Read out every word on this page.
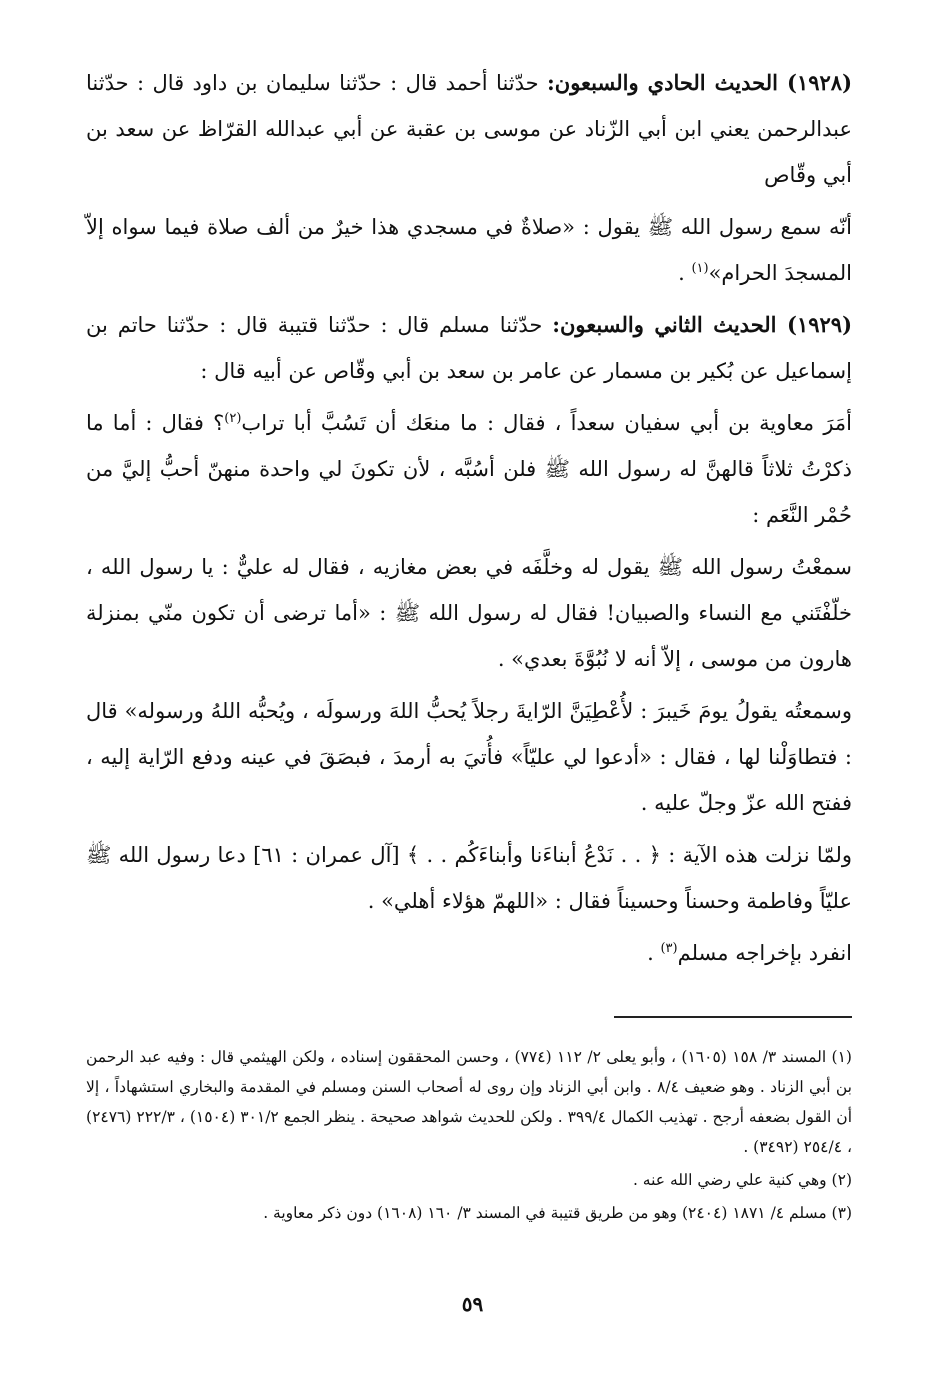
(١٩٢٨) الحديث الحادي والسبعون: حدّثنا أحمد قال : حدّثنا سليمان بن داود قال : حدّثنا عبدالرحمن يعني ابن أبي الزّناد عن موسى بن عقبة عن أبي عبدالله القرّاظ عن سعد بن أبي وقّاص

أنّه سمع رسول الله ﷺ يقول : «صلاةٌ في مسجدي هذا خيرٌ من ألف صلاة فيما سواه إلاّ المسجدَ الحرام»$^{(١)}$ .

(١٩٢٩) الحديث الثاني والسبعون: حدّثنا مسلم قال : حدّثنا قتيبة قال : حدّثنا حاتم بن إسماعيل عن بُكير بن مسمار عن عامر بن سعد بن أبي وقّاص عن أبيه قال :

أمَرَ معاوية بن أبي سفيان سعداً ، فقال : ما منعَك أن تَسُبَّ أبا تراب$^{(٢)}$؟ فقال : أما ما ذكرْتُ ثلاثاً قالهنَّ له رسول الله ﷺ فلن أسُبَّه ، لأن تكونَ لي واحدة منهنّ أحبُّ إليَّ من حُمْر النَّعَم :

سمعْتُ رسول الله ﷺ يقول له وخلَّفَه في بعض مغازيه ، فقال له عليٌّ : يا رسول الله ، خلّفْتَني مع النساء والصبيان! فقال له رسول الله ﷺ : «أما ترضى أن تكون منّي بمنزلة هارون من موسى ، إلاّ أنه لا نُبُوَّةَ بعدي» .

وسمعتُه يقولُ يومَ خَيبرَ : لأُعْطِيَنَّ الرّايةَ رجلاً يُحبُّ اللهَ ورسولَه ، ويُحبُّه اللهُ ورسوله» قال : فتطاوَلْنا لها ، فقال : «أدعوا لي عليّاً» فأُتيَ به أرمدَ ، فبصَقَ في عينه ودفع الرّاية إليه ، ففتح الله عزّ وجلّ عليه .

ولمّا نزلت هذه الآية : ﴿ . . نَدْعُ أبناءَنا وأبناءَكُم . . ﴾ [آل عمران : ٦١] دعا رسول الله ﷺ عليّاً وفاطمة وحسناً وحسيناً فقال : «اللهمّ هؤلاء أهلي» .

انفرد بإخراجه مسلم$^{(٣)}$ .

(١) المسند ٣/ ١٥٨ (١٦٠٥) ، وأبو يعلى ٢/ ١١٢ (٧٧٤) ، وحسن المحققون إسناده ، ولكن الهيثمي قال : وفيه عبد الرحمن بن أبي الزناد . وهو ضعيف ٨/٤ . وابن أبي الزناد وإن روى له أصحاب السنن ومسلم في المقدمة والبخاري استشهاداً ، إلا أن القول بضعفه أرجح . تهذيب الكمال ٣٩٩/٤ . ولكن للحديث شواهد صحيحة . ينظر الجمع ٣٠١/٢ (١٥٠٤) ، ٢٢٢/٣ (٢٤٧٦) ، ٢٥٤/٤ (٣٤٩٢) .

(٢) وهي كنية علي رضي الله عنه .

(٣) مسلم ٤/ ١٨٧١ (٢٤٠٤) وهو من طريق قتيبة في المسند ٣/ ١٦٠ (١٦٠٨) دون ذكر معاوية .

٥٩
